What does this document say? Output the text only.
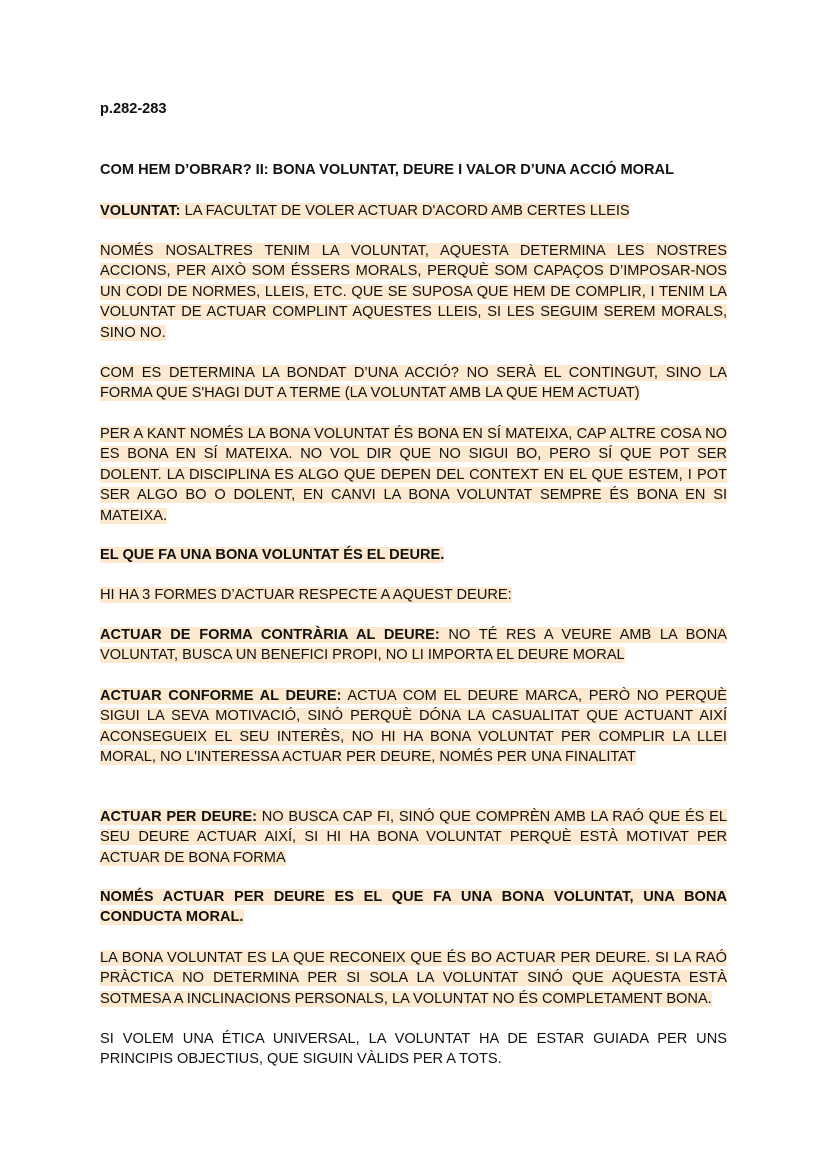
p.282-283

COM HEM D’OBRAR? II: BONA VOLUNTAT, DEURE I VALOR D’UNA ACCIÓ MORAL

VOLUNTAT: LA FACULTAT DE VOLER ACTUAR D'ACORD AMB CERTES LLEIS

NOMÉS NOSALTRES TENIM LA VOLUNTAT, AQUESTA DETERMINA LES NOSTRES ACCIONS, PER AIXÒ SOM ÉSSERS MORALS, PERQUÈ SOM CAPAÇOS D’IMPOSAR-NOS UN CODI DE NORMES, LLEIS, ETC. QUE SE SUPOSA QUE HEM DE COMPLIR, I TENIM LA VOLUNTAT DE ACTUAR COMPLINT AQUESTES LLEIS, SI LES SEGUIM SEREM MORALS, SINO NO.

COM ES DETERMINA LA BONDAT D’UNA ACCIÓ? NO SERÀ EL CONTINGUT, SINO LA FORMA QUE S'HAGI DUT A TERME (LA VOLUNTAT AMB LA QUE HEM ACTUAT)

PER A KANT NOMÉS LA BONA VOLUNTAT ÉS BONA EN SÍ MATEIXA, CAP ALTRE COSA NO ES BONA EN SÍ MATEIXA. NO VOL DIR QUE NO SIGUI BO, PERO SÍ QUE POT SER DOLENT. LA DISCIPLINA ES ALGO QUE DEPEN DEL CONTEXT EN EL QUE ESTEM, I POT SER ALGO BO O DOLENT, EN CANVI LA BONA VOLUNTAT SEMPRE ÉS BONA EN SI MATEIXA.

EL QUE FA UNA BONA VOLUNTAT ÉS EL DEURE.

HI HA 3 FORMES D’ACTUAR RESPECTE A AQUEST DEURE:

ACTUAR DE FORMA CONTRÀRIA AL DEURE: NO TÉ RES A VEURE AMB LA BONA VOLUNTAT, BUSCA UN BENEFICI PROPI, NO LI IMPORTA EL DEURE MORAL

ACTUAR CONFORME AL DEURE: ACTUA COM EL DEURE MARCA, PERÒ NO PERQUÈ SIGUI LA SEVA MOTIVACIÓ, SINÓ PERQUÈ DÓNA LA CASUALITAT QUE ACTUANT AIXÍ ACONSEGUEIX EL SEU INTERÈS, NO HI HA BONA VOLUNTAT PER COMPLIR LA LLEI MORAL, NO L'INTERESSA ACTUAR PER DEURE, NOMÉS PER UNA FINALITAT

ACTUAR PER DEURE: NO BUSCA CAP FI, SINÓ QUE COMPRÈN AMB LA RAÓ QUE ÉS EL SEU DEURE ACTUAR AIXÍ, SI HI HA BONA VOLUNTAT PERQUÈ ESTÀ MOTIVAT PER ACTUAR DE BONA FORMA

NOMÉS ACTUAR PER DEURE ES EL QUE FA UNA BONA VOLUNTAT, UNA BONA CONDUCTA MORAL.

LA BONA VOLUNTAT ES LA QUE RECONEIX QUE ÉS BO ACTUAR PER DEURE. SI LA RAÓ PRÀCTICA NO DETERMINA PER SI SOLA LA VOLUNTAT SINÓ QUE AQUESTA ESTÀ SOTMESA A INCLINACIONS PERSONALS, LA VOLUNTAT NO ÉS COMPLETAMENT BONA.

SI VOLEM UNA ÉTICA UNIVERSAL, LA VOLUNTAT HA DE ESTAR GUIADA PER UNS PRINCIPIS OBJECTIUS, QUE SIGUIN VÀLIDS PER A TOTS.
